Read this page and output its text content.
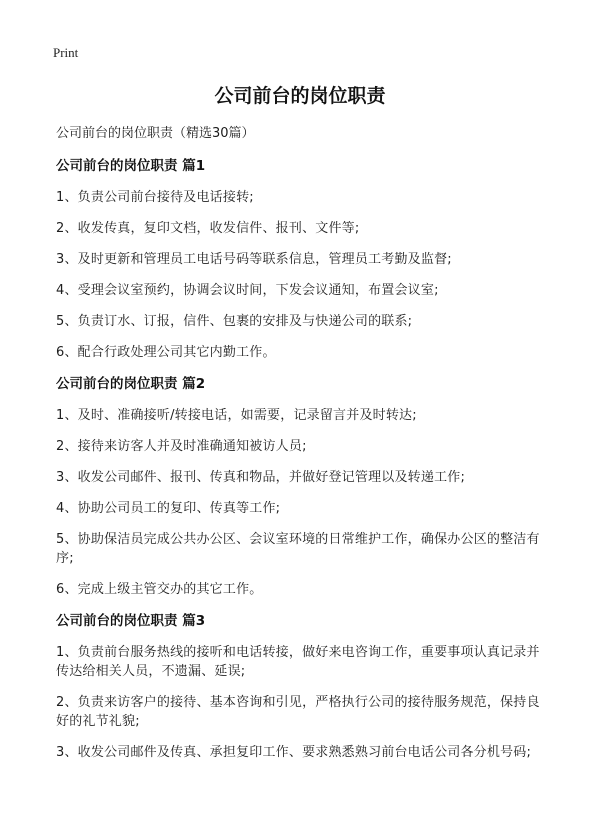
Print
公司前台的岗位职责
公司前台的岗位职责（精选30篇）
公司前台的岗位职责 篇1
1、负责公司前台接待及电话接转;
2、收发传真，复印文档，收发信件、报刊、文件等;
3、及时更新和管理员工电话号码等联系信息，管理员工考勤及监督;
4、受理会议室预约，协调会议时间，下发会议通知，布置会议室;
5、负责订水、订报，信件、包裹的安排及与快递公司的联系;
6、配合行政处理公司其它内勤工作。
公司前台的岗位职责 篇2
1、及时、准确接听/转接电话，如需要，记录留言并及时转达;
2、接待来访客人并及时准确通知被访人员;
3、收发公司邮件、报刊、传真和物品，并做好登记管理以及转递工作;
4、协助公司员工的复印、传真等工作;
5、协助保洁员完成公共办公区、会议室环境的日常维护工作，确保办公区的整洁有序;
6、完成上级主管交办的其它工作。
公司前台的岗位职责 篇3
1、负责前台服务热线的接听和电话转接，做好来电咨询工作，重要事项认真记录并传达给相关人员，不遗漏、延误;
2、负责来访客户的接待、基本咨询和引见，严格执行公司的接待服务规范，保持良好的礼节礼貌;
3、收发公司邮件及传真、承担复印工作、要求熟悉熟习前台电话公司各分机号码;
